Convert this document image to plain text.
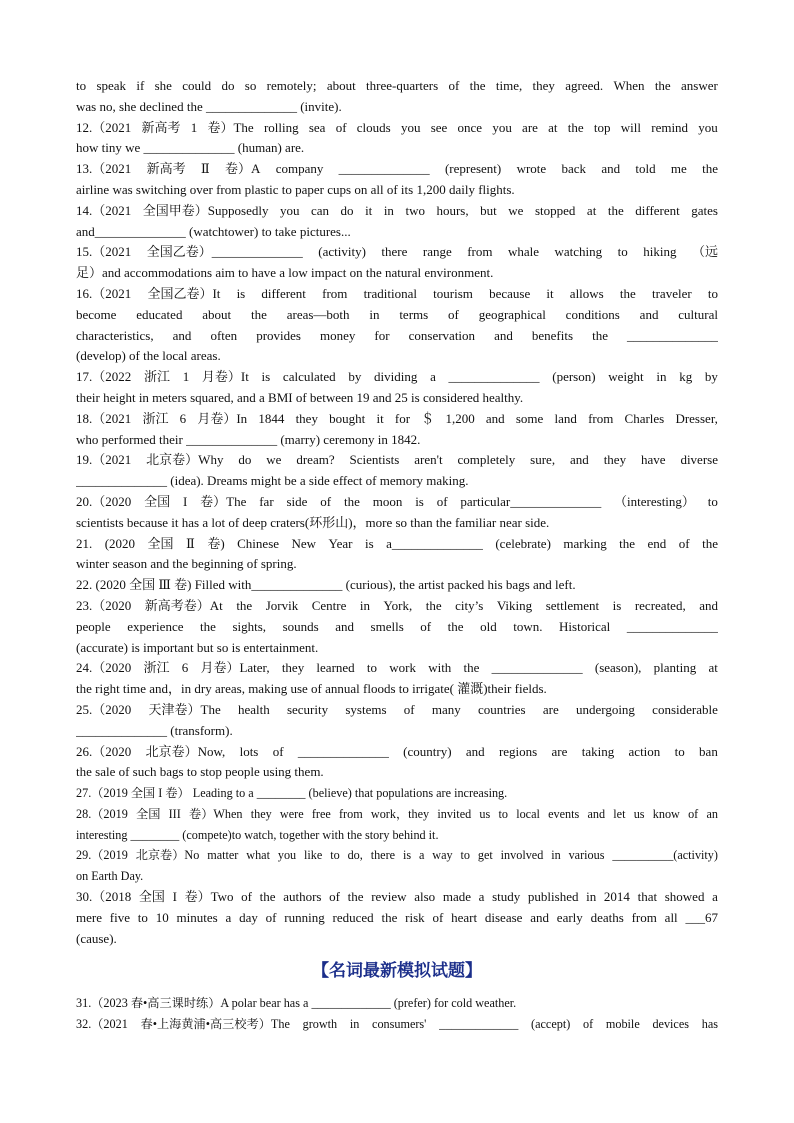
to speak if she could do so remotely; about three-quarters of the time, they agreed. When the answer
was no, she declined the ______________ (invite).
12.（2021 新高考 1 卷）The rolling sea of clouds you see once you are at the top will remind you
how tiny we ______________ (human) are.
13.（2021 新高考 Ⅱ 卷）A company ______________ (represent) wrote back and told me the
airline was switching over from plastic to paper cups on all of its 1,200 daily flights.
14.（2021 全国甲卷）Supposedly you can do it in two hours, but we stopped at the different gates
and______________ (watchtower) to take pictures...
15.（2021 全国乙卷）______________ (activity) there range from whale watching to hiking （远
足）and accommodations aim to have a low impact on the natural environment.
16.（2021 全国乙卷）It is different from traditional tourism because it allows the traveler to
become educated about the areas—both in terms of geographical conditions and cultural
characteristics, and often provides money for conservation and benefits the ______________
(develop) of the local areas.
17.（2022 浙江 1 月卷）It is calculated by dividing a ______________ (person) weight in kg by
their height in meters squared, and a BMI of between 19 and 25 is considered healthy.
18.（2021 浙江 6 月卷）In 1844 they bought it for ＄ 1,200 and some land from Charles Dresser,
who performed their ______________ (marry) ceremony in 1842.
19.（2021 北京卷）Why do we dream? Scientists aren't completely sure, and they have diverse
______________ (idea). Dreams might be a side effect of memory making.
20.（2020 全国 I 卷）The far side of the moon is of particular______________ （interesting） to
scientists because it has a lot of deep craters(环形山)，more so than the familiar near side.
21. (2020 全国 Ⅱ 卷) Chinese New Year is a______________ (celebrate) marking the end of the
winter season and the beginning of spring.
22. (2020 全国 Ⅲ 卷) Filled with______________ (curious), the artist packed his bags and left.
23.（2020 新高考卷）At the Jorvik Centre in York, the city’s Viking settlement is recreated, and
people experience the sights, sounds and smells of the old town. Historical ______________
(accurate) is important but so is entertainment.
24.（2020 浙江 6 月卷）Later, they learned to work with the ______________ (season), planting at
the right time and，in dry areas, making use of annual floods to irrigate( 灌溉)their fields.
25.（2020 天津卷）The health security systems of many countries are undergoing considerable
______________ (transform).
26.（2020 北京卷）Now, lots of ______________ (country) and regions are taking action to ban
the sale of such bags to stop people using them.
27.（2019 全国 I 卷） Leading to a ________ (believe) that populations are increasing.
28.（2019 全国 III 卷）When they were free from work，they invited us to local events and let us know of an
interesting ________ (compete)to watch, together with the story behind it.
29.（2019 北京卷）No matter what you like to do, there is a way to get involved in various __________(activity)
on Earth Day.
30.（2018 全国 I 卷）Two of the authors of the review also made a study published in 2014 that showed a
mere five to 10 minutes a day of running reduced the risk of heart disease and early deaths from all ___67
(cause).
【名词最新模拟试题】
31.（2023 春•高三课时练）A polar bear has a _____________ (prefer) for cold weather.
32.（2021 春•上海黄浦•高三校考）The growth in consumers' _____________ (accept) of mobile devices has
